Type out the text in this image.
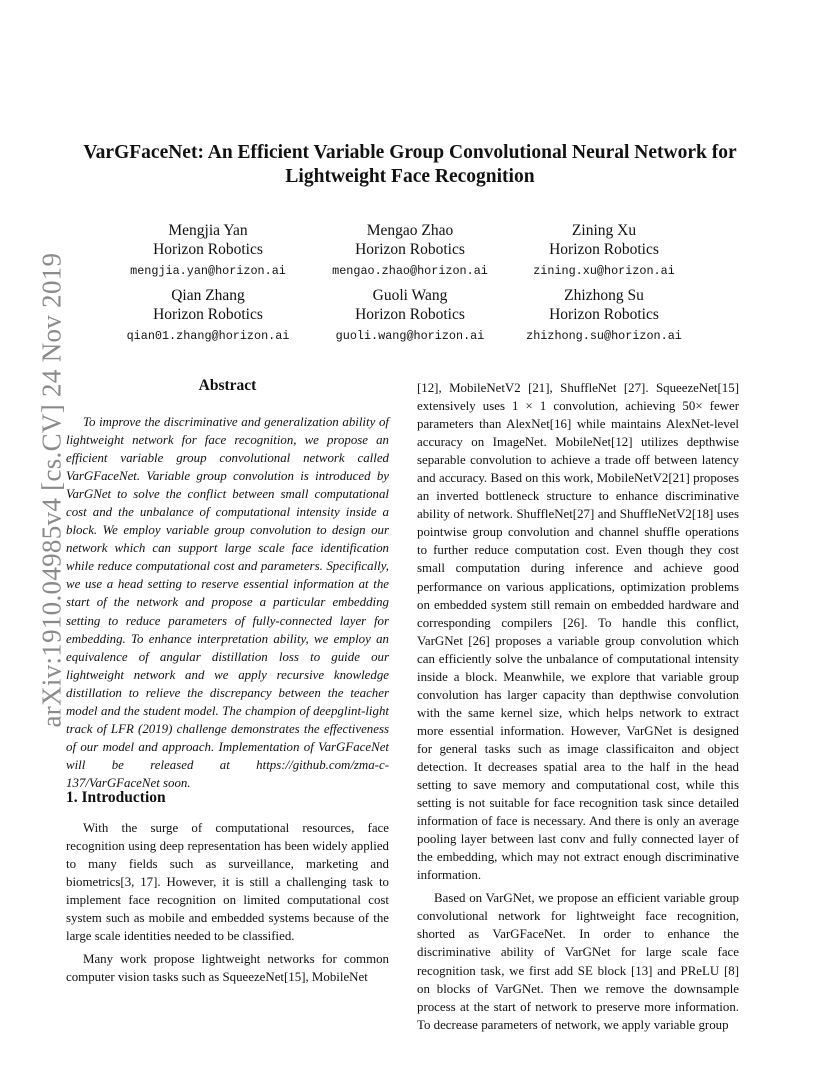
arXiv:1910.04985v4 [cs.CV] 24 Nov 2019
VarGFaceNet: An Efficient Variable Group Convolutional Neural Network for
Lightweight Face Recognition
Mengjia Yan
Horizon Robotics
mengjia.yan@horizon.ai
Mengao Zhao
Horizon Robotics
mengao.zhao@horizon.ai
Zining Xu
Horizon Robotics
zining.xu@horizon.ai
Qian Zhang
Horizon Robotics
qian01.zhang@horizon.ai
Guoli Wang
Horizon Robotics
guoli.wang@horizon.ai
Zhizhong Su
Horizon Robotics
zhizhong.su@horizon.ai
Abstract

To improve the discriminative and generalization ability of lightweight network for face recognition, we propose an efficient variable group convolutional network called VarGFaceNet. Variable group convolution is introduced by VarGNet to solve the conflict between small computational cost and the unbalance of computational intensity inside a block. We employ variable group convolution to design our network which can support large scale face identification while reduce computational cost and parameters. Specifically, we use a head setting to reserve essential information at the start of the network and propose a particular embedding setting to reduce parameters of fully-connected layer for embedding. To enhance interpretation ability, we employ an equivalence of angular distillation loss to guide our lightweight network and we apply recursive knowledge distillation to relieve the discrepancy between the teacher model and the student model. The champion of deepglint-light track of LFR (2019) challenge demonstrates the effectiveness of our model and approach. Implementation of VarGFaceNet will be released at https://github.com/zma-c-137/VarGFaceNet soon.

1. Introduction

With the surge of computational resources, face recognition using deep representation has been widely applied to many fields such as surveillance, marketing and biometrics[3, 17]. However, it is still a challenging task to implement face recognition on limited computational cost system such as mobile and embedded systems because of the large scale identities needed to be classified.

Many work propose lightweight networks for common computer vision tasks such as SqueezeNet[15], MobileNet

[12], MobileNetV2 [21], ShuffleNet [27]. SqueezeNet[15] extensively uses 1 × 1 convolution, achieving 50× fewer parameters than AlexNet[16] while maintains AlexNet-level accuracy on ImageNet. MobileNet[12] utilizes depthwise separable convolution to achieve a trade off between latency and accuracy. Based on this work, MobileNetV2[21] proposes an inverted bottleneck structure to enhance discriminative ability of network. ShuffleNet[27] and ShuffleNetV2[18] uses pointwise group convolution and channel shuffle operations to further reduce computation cost. Even though they cost small computation during inference and achieve good performance on various applications, optimization problems on embedded system still remain on embedded hardware and corresponding compilers [26]. To handle this conflict, VarGNet [26] proposes a variable group convolution which can efficiently solve the unbalance of computational intensity inside a block. Meanwhile, we explore that variable group convolution has larger capacity than depthwise convolution with the same kernel size, which helps network to extract more essential information. However, VarGNet is designed for general tasks such as image classificaiton and object detection. It decreases spatial area to the half in the head setting to save memory and computational cost, while this setting is not suitable for face recognition task since detailed information of face is necessary. And there is only an average pooling layer between last conv and fully connected layer of the embedding, which may not extract enough discriminative information.

Based on VarGNet, we propose an efficient variable group convolutional network for lightweight face recognition, shorted as VarGFaceNet. In order to enhance the discriminative ability of VarGNet for large scale face recognition task, we first add SE block [13] and PReLU [8] on blocks of VarGNet. Then we remove the downsample process at the start of network to preserve more information. To decrease parameters of network, we apply variable group
